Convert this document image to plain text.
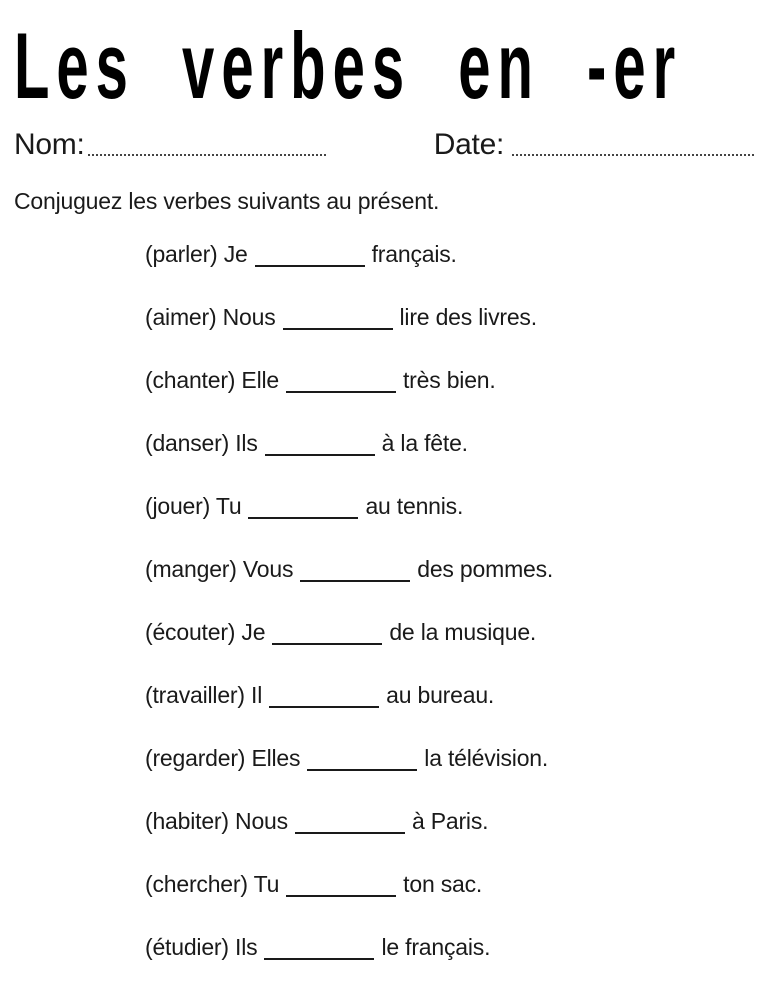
Les verbes en -er
Nom:	Date:
Conjuguez les verbes suivants au présent.
(parler) Je	français.
(aimer) Nous	lire des livres.
(chanter) Elle	très bien.
(danser) Ils	à la fête.
(jouer) Tu	au tennis.
(manger) Vous	des pommes.
(écouter) Je	de la musique.
(travailler) Il	au bureau.
(regarder) Elles	la télévision.
(habiter) Nous	à Paris.
(chercher) Tu	ton sac.
(étudier) Ils	le français.
